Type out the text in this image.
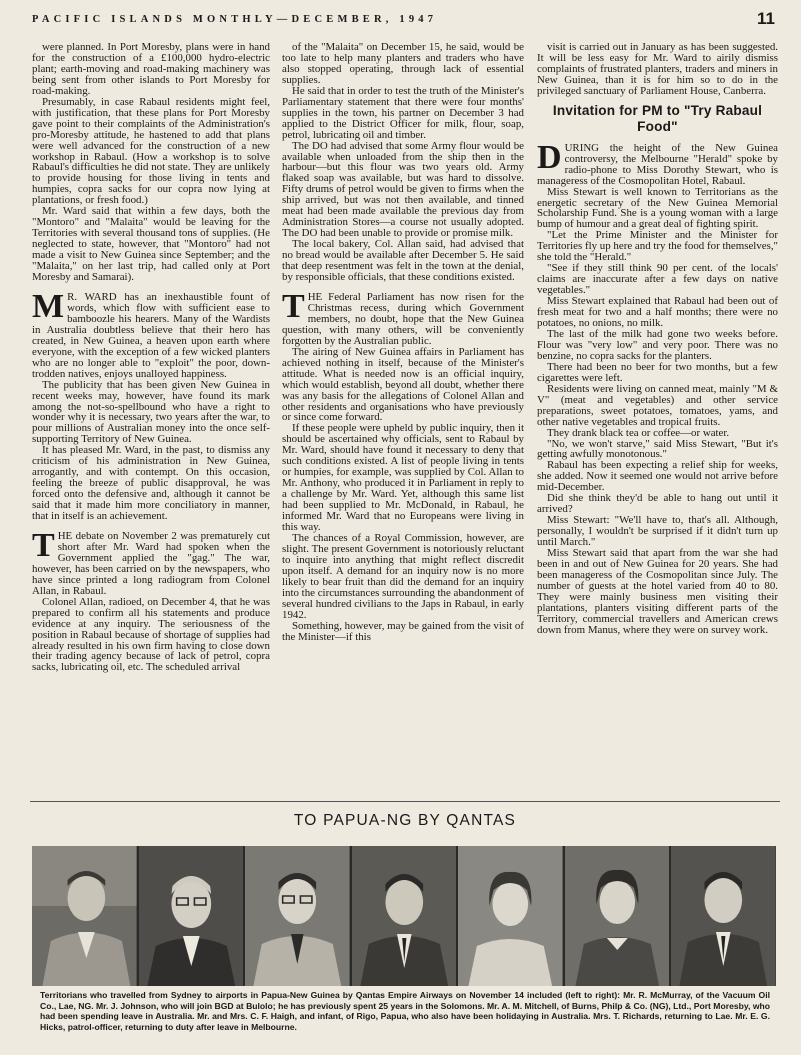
PACIFIC ISLANDS MONTHLY—DECEMBER, 1947	11

were planned. In Port Moresby, plans were in hand for the construction of a £100,000 hydro-electric plant; earth-moving and road-making machinery was being sent from other islands to Port Moresby for road-making.

Presumably, in case Rabaul residents might feel, with justification, that these plans for Port Moresby gave point to their complaints of the Administration's pro-Moresby attitude, he hastened to add that plans were well advanced for the construction of a new workshop in Rabaul. (How a workshop is to solve Rabaul's difficulties he did not state. They are unlikely to provide housing for those living in tents and humpies, copra sacks for our copra now lying at plantations, or fresh food.)

Mr. Ward said that within a few days, both the "Montoro" and "Malaita" would be leaving for the Territories with several thousand tons of supplies. (He neglected to state, however, that "Montoro" had not made a visit to New Guinea since September; and the "Malaita," on her last trip, had called only at Port Moresby and Samarai).

M R. WARD has an inexhaustible fount of words, which flow with sufficient ease to bamboozle his hearers. Many of the Wardists in Australia doubtless believe that their hero has created, in New Guinea, a heaven upon earth where everyone, with the exception of a few wicked planters who are no longer able to "exploit" the poor, down-trodden natives, enjoys unalloyed happiness.

The publicity that has been given New Guinea in recent weeks may, however, have found its mark among the not-so-spellbound who have a right to wonder why it is necessary, two years after the war, to pour millions of Australian money into the once self-supporting Territory of New Guinea.

It has pleased Mr. Ward, in the past, to dismiss any criticism of his administration in New Guinea, arrogantly, and with contempt. On this occasion, feeling the breeze of public disapproval, he was forced onto the defensive and, although it cannot be said that it made him more conciliatory in manner, that in itself is an achievement.

THE debate on November 2 was prematurely cut short after Mr. Ward had spoken when the Government applied the "gag." The war, however, has been carried on by the newspapers, who have since printed a long radiogram from Colonel Allan, in Rabaul.

Colonel Allan, radioed, on December 4, that he was prepared to confirm all his statements and produce evidence at any inquiry. The seriousness of the position in Rabaul because of shortage of supplies had already resulted in his own firm having to close down their trading agency because of lack of petrol, copra sacks, lubricating oil, etc. The scheduled arrival

of the "Malaita" on December 15, he said, would be too late to help many planters and traders who have also stopped operating, through lack of essential supplies.

He said that in order to test the truth of the Minister's Parliamentary statement that there were four months' supplies in the town, his partner on December 3 had applied to the District Officer for milk, flour, soap, petrol, lubricating oil and timber.

The DO had advised that some Army flour would be available when unloaded from the ship then in the harbour—but this flour was two years old. Army flaked soap was available, but was hard to dissolve. Fifty drums of petrol would be given to firms when the ship arrived, but was not then available, and tinned meat had been made available the previous day from Administration Stores—a course not usually adopted. The DO had been unable to provide or promise milk.

The local bakery, Col. Allan said, had advised that no bread would be available after December 5. He said that deep resentment was felt in the town at the denial, by responsible officials, that these conditions existed.

THE Federal Parliament has now risen for the Christmas recess, during which Government members, no doubt, hope that the New Guinea question, with many others, will be conveniently forgotten by the Australian public.

The airing of New Guinea affairs in Parliament has achieved nothing in itself, because of the Minister's attitude. What is needed now is an official inquiry, which would establish, beyond all doubt, whether there was any basis for the allegations of Colonel Allan and other residents and organisations who have previously or since come forward.

If these people were upheld by public inquiry, then it should be ascertained why officials, sent to Rabaul by Mr. Ward, should have found it necessary to deny that such conditions existed. A list of people living in tents or humpies, for example, was supplied by Col. Allan to Mr. Anthony, who produced it in Parliament in reply to a challenge by Mr. Ward. Yet, although this same list had been supplied to Mr. McDonald, in Rabaul, he informed Mr. Ward that no Europeans were living in this way.

The chances of a Royal Commission, however, are slight. The present Government is notoriously reluctant to inquire into anything that might reflect discredit upon itself. A demand for an inquiry now is no more likely to bear fruit than did the demand for an inquiry into the circumstances surrounding the abandonment of several hundred civilians to the Japs in Rabaul, in early 1942.

Something, however, may be gained from the visit of the Minister—if this

visit is carried out in January as has been suggested. It will be less easy for Mr. Ward to airily dismiss complaints of frustrated planters, traders and miners in New Guinea, than it is for him so to do in the privileged sanctuary of Parliament House, Canberra.

Invitation for PM to "Try Rabaul Food"

DURING the height of the New Guinea controversy, the Melbourne "Herald" spoke by radio-phone to Miss Dorothy Stewart, who is manageress of the Cosmopolitan Hotel, Rabaul.

Miss Stewart is well known to Territorians as the energetic secretary of the New Guinea Memorial Scholarship Fund. She is a young woman with a large bump of humour and a great deal of fighting spirit.

"Let the Prime Minister and the Minister for Territories fly up here and try the food for themselves," she told the "Herald."

"See if they still think 90 per cent. of the locals' claims are inaccurate after a few days on native vegetables."

Miss Stewart explained that Rabaul had been out of fresh meat for two and a half months; there were no potatoes, no onions, no milk.

The last of the milk had gone two weeks before. Flour was "very low" and very poor. There was no benzine, no copra sacks for the planters.

There had been no beer for two months, but a few cigarettes were left.

Residents were living on canned meat, mainly "M & V" (meat and vegetables) and other service preparations, sweet potatoes, tomatoes, yams, and other native vegetables and tropical fruits.

They drank black tea or coffee—or water.

"No, we won't starve," said Miss Stewart, "But it's getting awfully monotonous."

Rabaul has been expecting a relief ship for weeks, she added. Now it seemed one would not arrive before mid-December.

Did she think they'd be able to hang out until it arrived?

Miss Stewart: "We'll have to, that's all. Although, personally, I wouldn't be surprised if it didn't turn up until March."

Miss Stewart said that apart from the war she had been in and out of New Guinea for 20 years. She had been manageress of the Cosmopolitan since July. The number of guests at the hotel varied from 40 to 80. They were mainly business men visiting their plantations, planters visiting different parts of the Territory, commercial travellers and American crews down from Manus, where they were on survey work.

TO PAPUA-NG BY QANTAS
Territorians who travelled from Sydney to airports in Papua-New Guinea by Qantas Empire Airways on November 14 included (left to right): Mr. R. McMurray, of the Vacuum Oil Co., Lae, NG. Mr. J. Johnson, who will join BGD at Bulolo; he has previously spent 25 years in the Solomons. Mr. A. M. Mitchell, of Burns, Philp & Co. (NG), Ltd., Port Moresby, who had been spending leave in Australia. Mr. and Mrs. C. F. Haigh, and infant, of Rigo, Papua, who also have been holidaying in Australia. Mrs. T. Richards, returning to Lae. Mr. E. G. Hicks, patrol-officer, returning to duty after leave in Melbourne.
